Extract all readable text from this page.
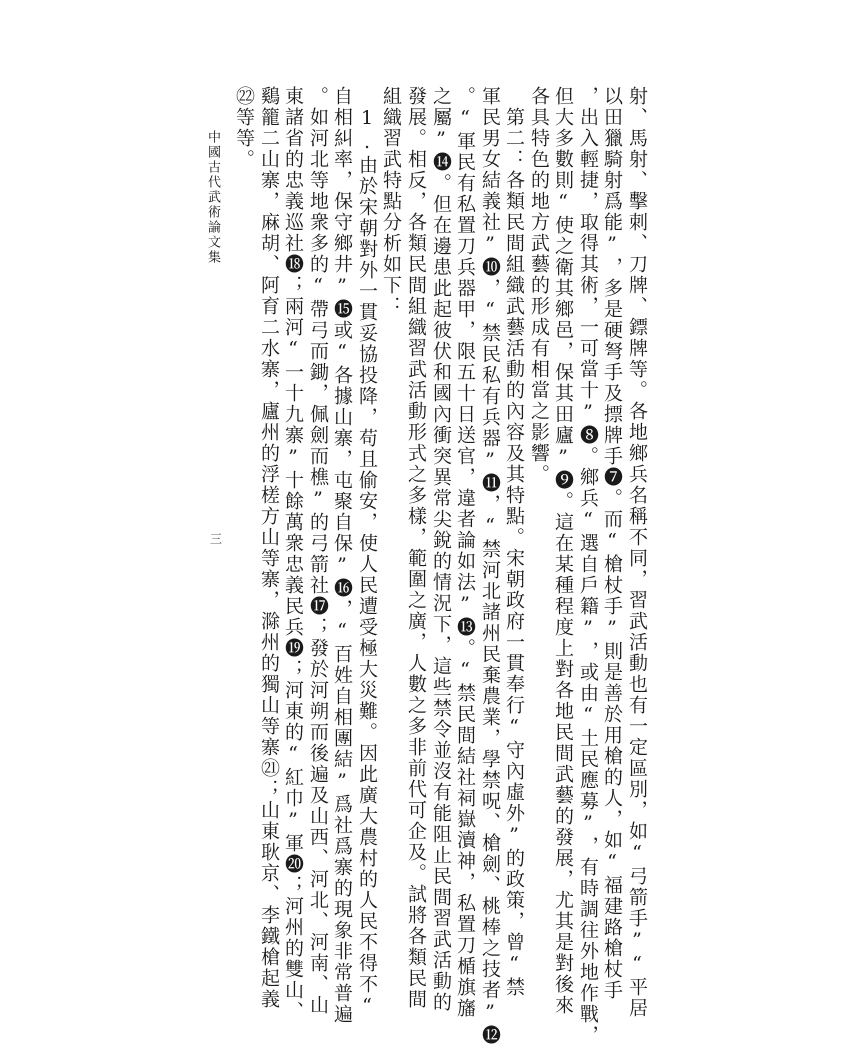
中國古代武術論文集
三	射、馬射、擊刺、刀牌、鏢牌等。各地鄉兵名稱不同，習武活動也有一定區別，如“弓箭手”“平居
以田獵騎射爲能”，多是硬弩手及摽牌手❼。而“槍杖手”則是善於用槍的人，如“福建路槍杖手
，出入輕捷，取得其術，一可當十”❽。鄉兵“選自戶籍”，或由“土民應募”，有時調往外地作戰，
但大多數則“使之衛其鄉邑，保其田廬”❾。這在某種程度上對各地民間武藝的發展，尤其是對後來
各具特色的地方武藝的形成有相當之影響。
　第二：各類民間組織武藝活動的內容及其特點。宋朝政府一貫奉行“守內虛外”的政策，曾“禁
軍民男女結義社”❿，“禁民私有兵器”⓫，“禁河北諸州民棄農業，學禁呪、槍劍、桃棒之技者”⓬
。“軍民有私置刀兵器甲，限五十日送官，違者論如法”⓭。“禁民間結社祠嶽瀆神，私置刀楯旗旛
之屬”⓮。但在邊患此起彼伏和國內衝突異常尖銳的情況下，這些禁令並沒有能阻止民間習武活動的
發展。相反，各類民間組織習武活動形式之多樣，範圍之廣，人數之多非前代可企及。試將各類民間
組織習武特點分析如下：
　1.由於宋朝對外一貫妥協投降，苟且偷安，使人民遭受極大災難。因此廣大農村的人民不得不“
自相糾率，保守鄉井”⓯或“各據山寨，屯聚自保”⓰，“百姓自相團結”爲社爲寨的現象非常普遍
。如河北等地衆多的“帶弓而鋤，佩劍而樵”的弓箭社⓱；發於河朔而後遍及山西、河北、河南、山
東諸省的忠義巡社⓲；兩河“一十九寨”十餘萬衆忠義民兵⓳；河東的“紅巾”軍⓴；河州的雙山、
鷄籠二山寨，麻胡、阿育二水寨，廬州的浮槎方山等寨，滁州的獨山等寨㉑；山東耿京、李鐵槍起義
㉒等等。
